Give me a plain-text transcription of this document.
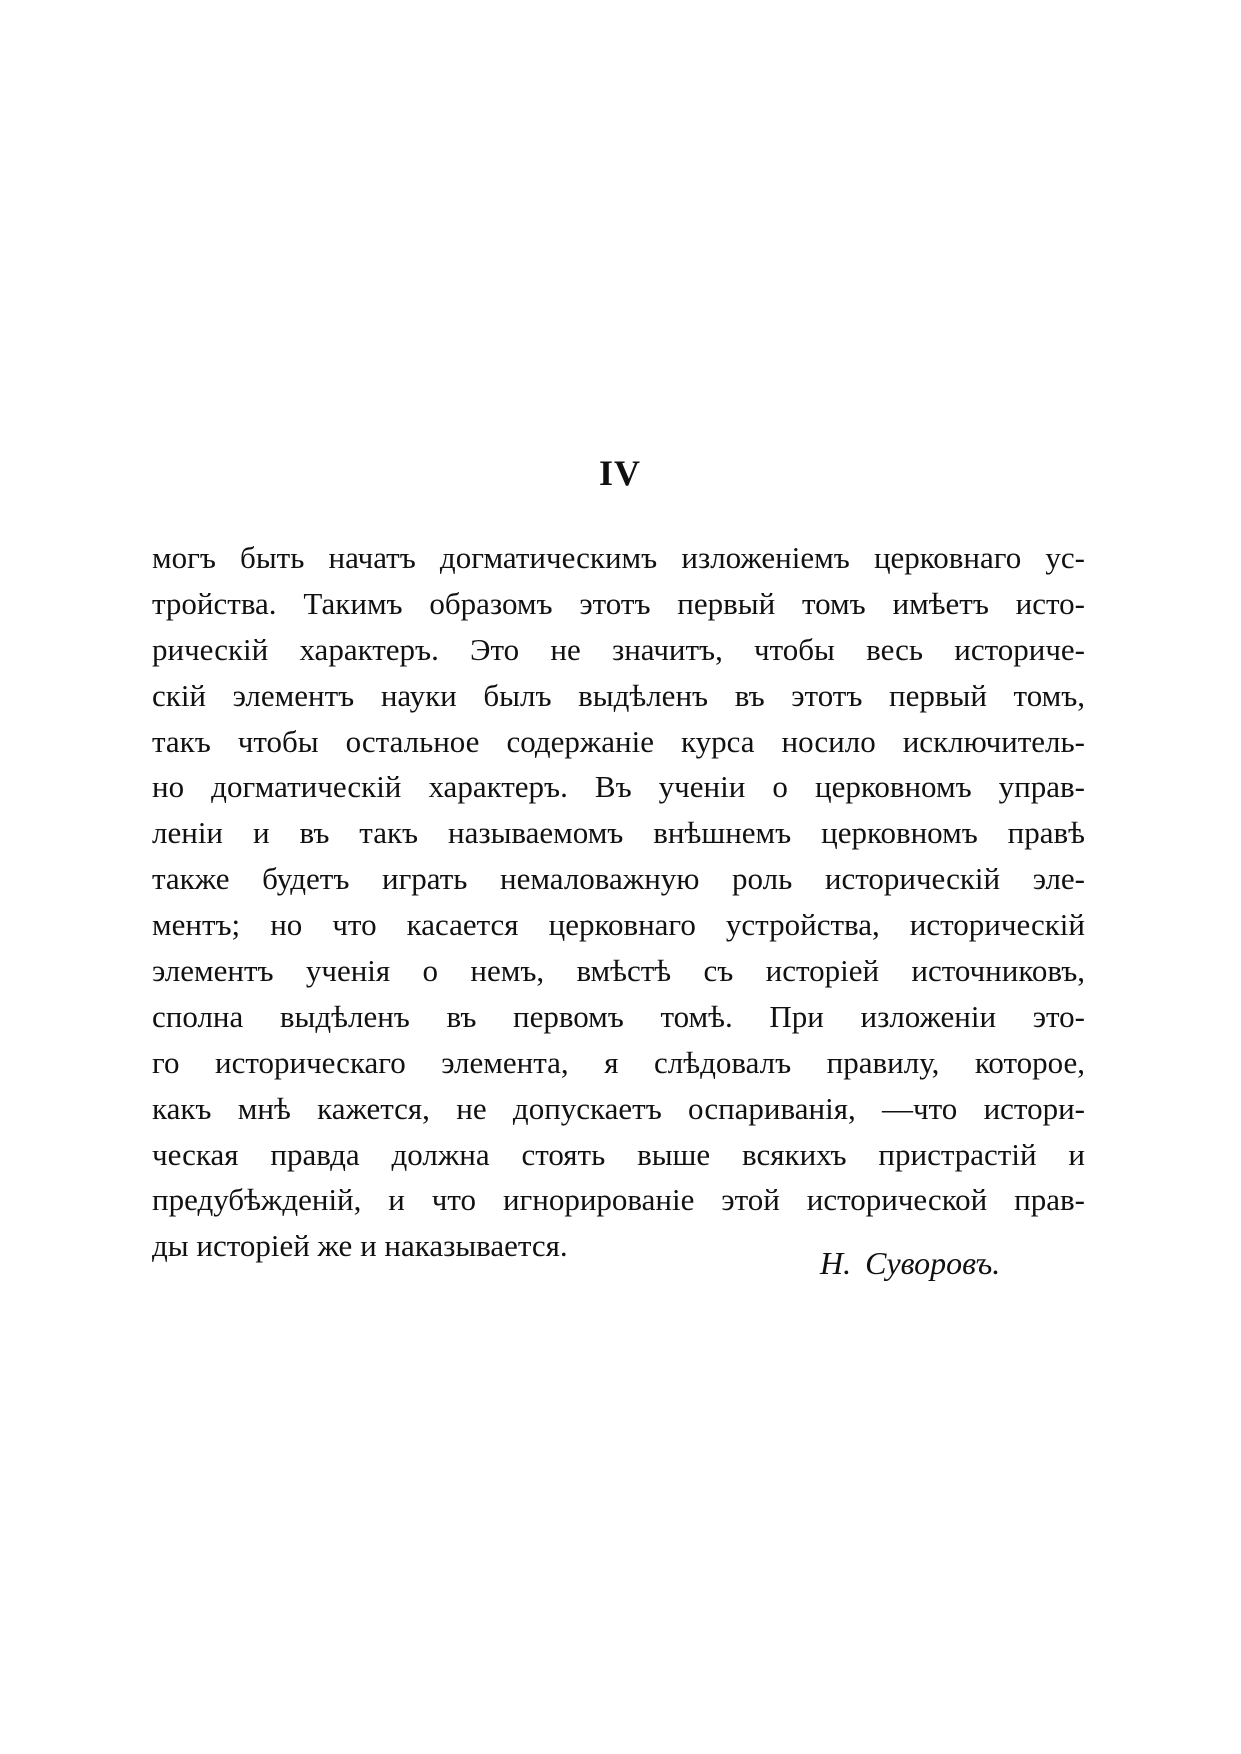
IV
могъ быть начатъ догматическимъ изложеніемъ церковнаго ус-
тройства. Такимъ образомъ этотъ первый томъ имѣетъ исто-
рическій характеръ. Это не значитъ, чтобы весь историче-
скій элементъ науки былъ выдѣленъ въ этотъ первый томъ,
такъ чтобы остальное содержаніе курса носило исключитель-
но догматическій характеръ. Въ ученіи о церковномъ управ-
леніи и въ такъ называемомъ внѣшнемъ церковномъ правѣ
также будетъ играть немаловажную роль историческій эле-
ментъ; но что касается церковнаго устройства, историческій
элементъ ученія о немъ, вмѣстѣ съ исторіей источниковъ,
сполна выдѣленъ въ первомъ томѣ. При изложеніи это-
го историческаго элемента, я слѣдовалъ правилу, которое,
какъ мнѣ кажется, не допускаетъ оспариванія, —что истори-
ческая правда должна стоять выше всякихъ пристрастій и
предубѣжденій, и что игнорированіе этой исторической прав-
ды исторіей же и наказывается.	Н. Суворовъ.
